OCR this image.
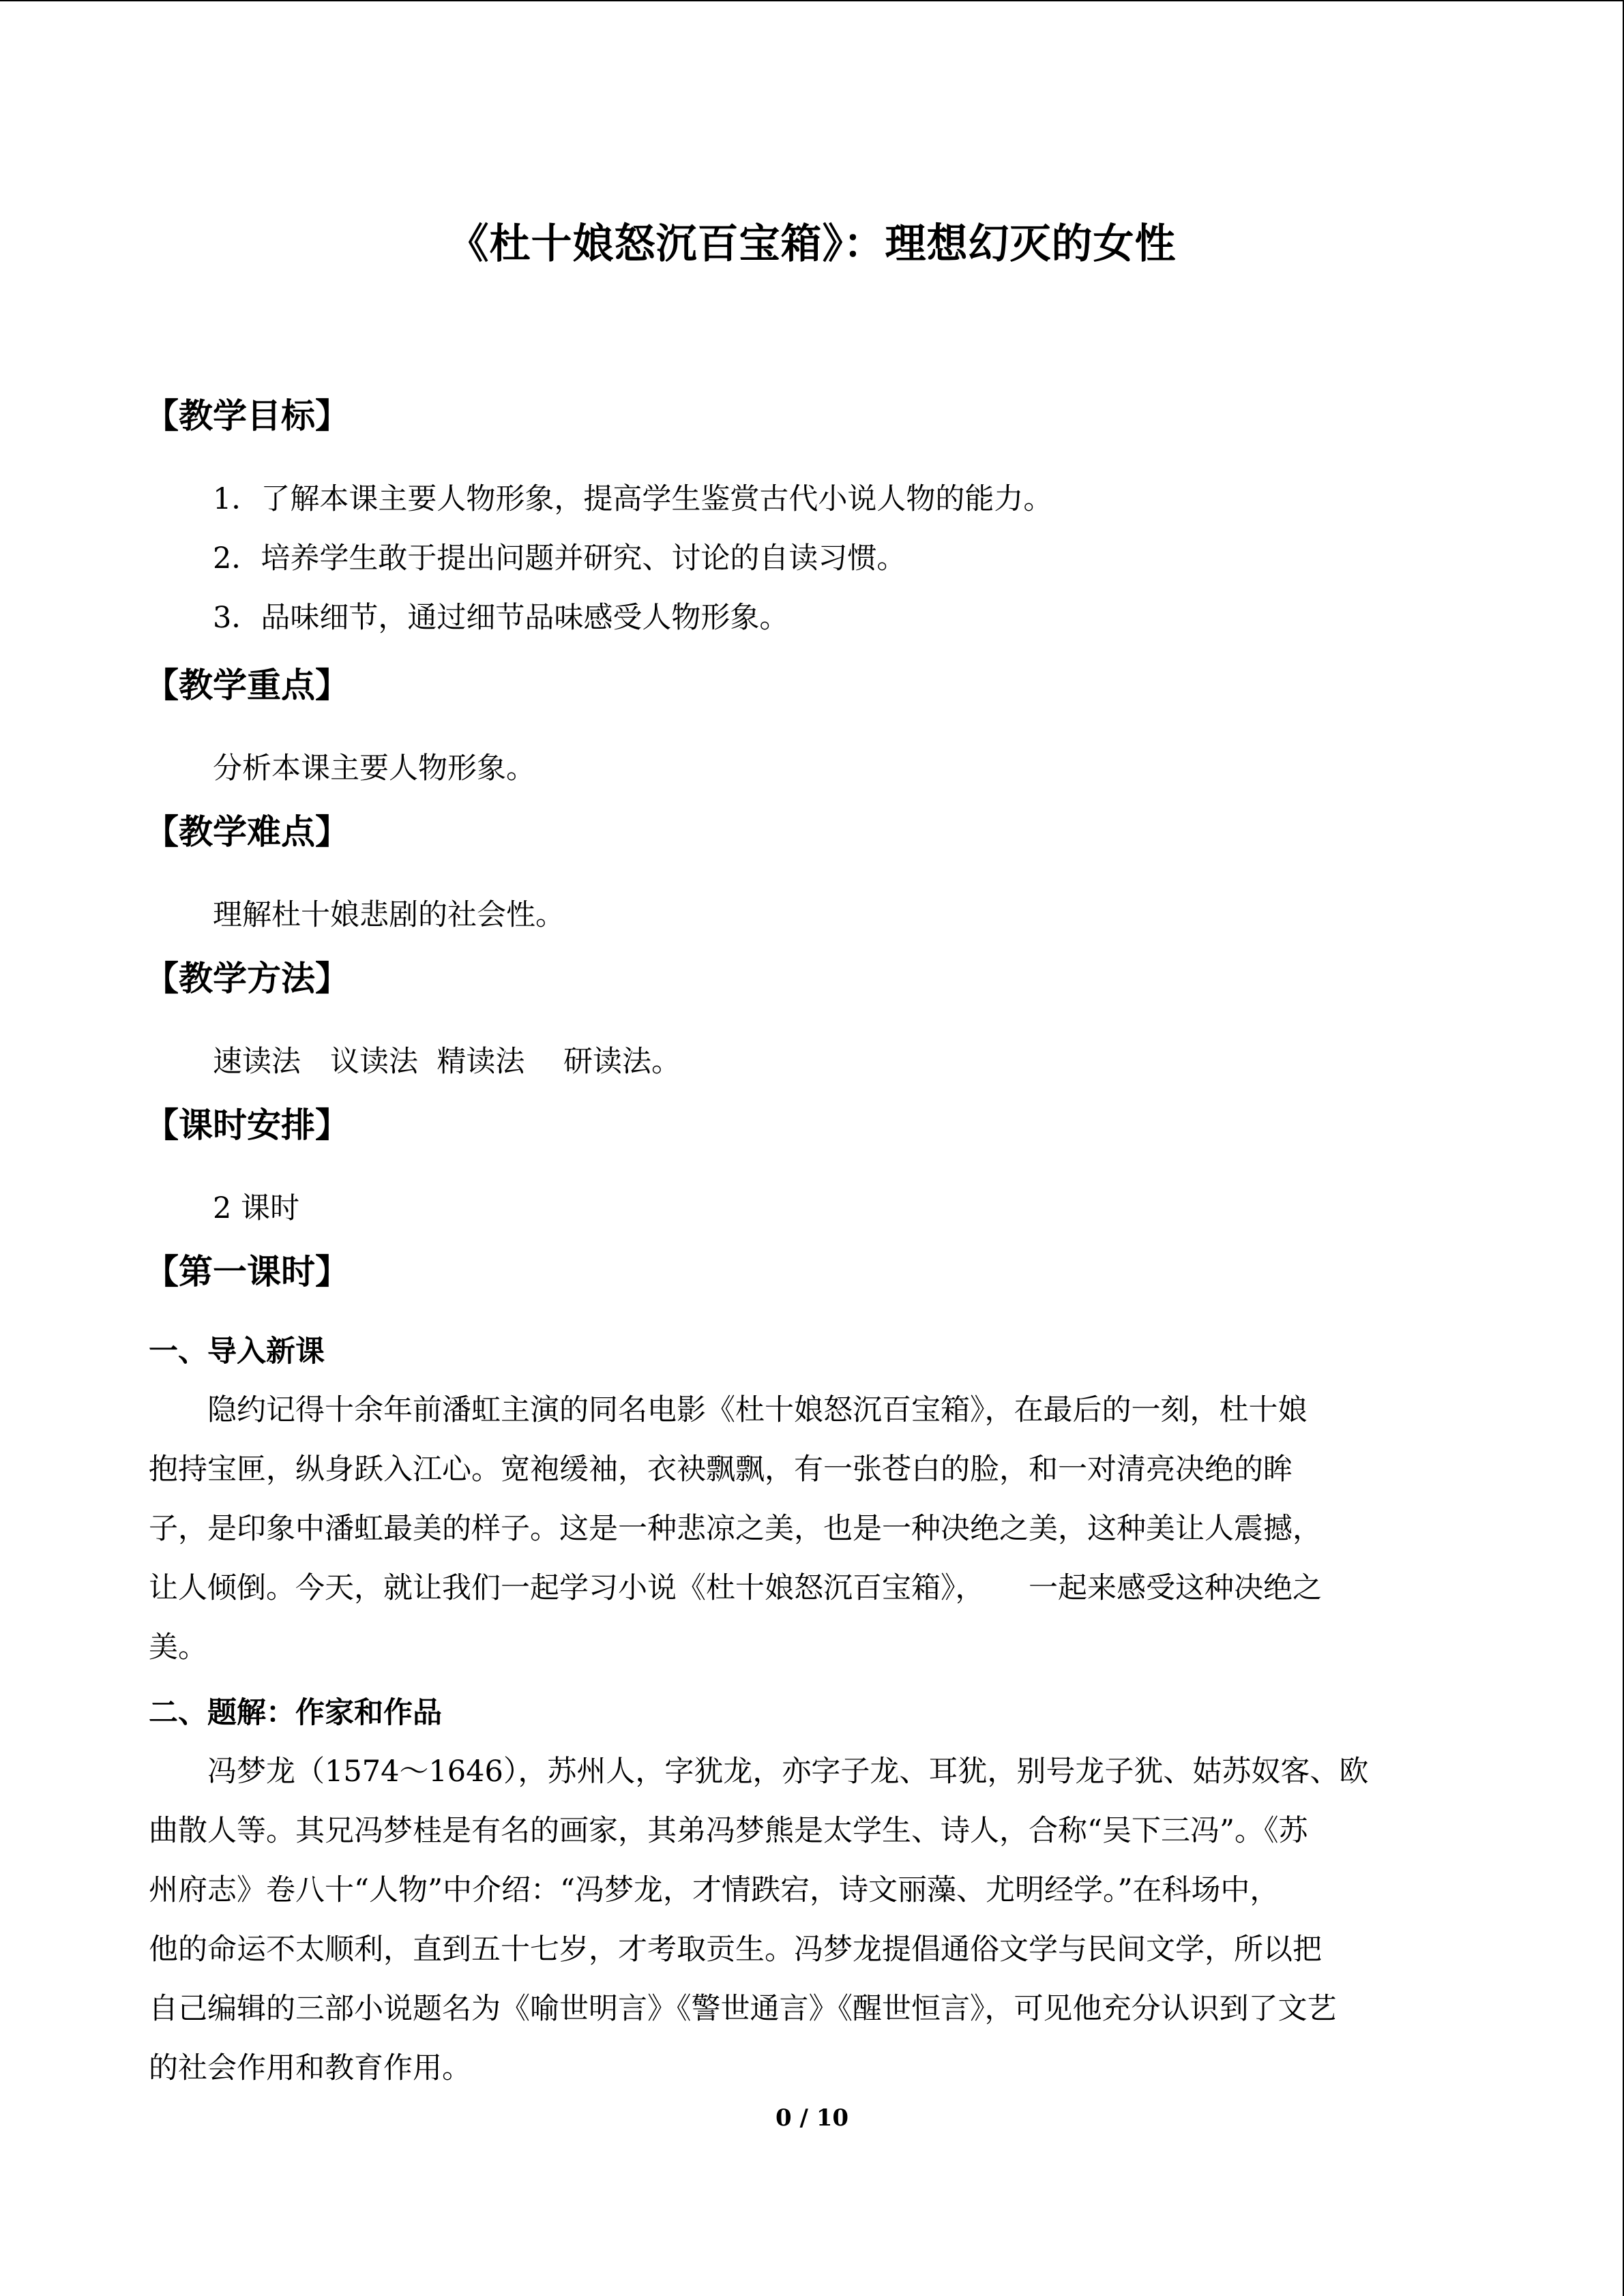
《杜十娘怒沉百宝箱》：理想幻灭的女性
【教学目标】
1．了解本课主要人物形象，提高学生鉴赏古代小说人物的能力。
2．培养学生敢于提出问题并研究、讨论的自读习惯。
3．品味细节，通过细节品味感受人物形象。
【教学重点】
分析本课主要人物形象。
【教学难点】
理解杜十娘悲剧的社会性。
【教学方法】
速读法　议读法  精读法　 研读法。
【课时安排】
2 课时
【第一课时】
一、导入新课
　　隐约记得十余年前潘虹主演的同名电影《杜十娘怒沉百宝箱》，在最后的一刻，杜十娘
抱持宝匣，纵身跃入江心。宽袍缓袖，衣袂飘飘，有一张苍白的脸，和一对清亮决绝的眸
子，是印象中潘虹最美的样子。这是一种悲凉之美，也是一种决绝之美，这种美让人震撼，
让人倾倒。今天，就让我们一起学习小说《杜十娘怒沉百宝箱》，　　一起来感受这种决绝之
美。
二、题解：作家和作品
　　冯梦龙（1574～1646），苏州人，字犹龙，亦字子龙、耳犹，别号龙子犹、姑苏奴客、欧
曲散人等。其兄冯梦桂是有名的画家，其弟冯梦熊是太学生、诗人，合称“吴下三冯”。《苏
州府志》卷八十“人物”中介绍：“冯梦龙，才情跌宕，诗文丽藻、尤明经学。”在科场中，
他的命运不太顺利，直到五十七岁，才考取贡生。冯梦龙提倡通俗文学与民间文学，所以把
自己编辑的三部小说题名为《喻世明言》《警世通言》《醒世恒言》，可见他充分认识到了文艺
的社会作用和教育作用。
0 / 10
